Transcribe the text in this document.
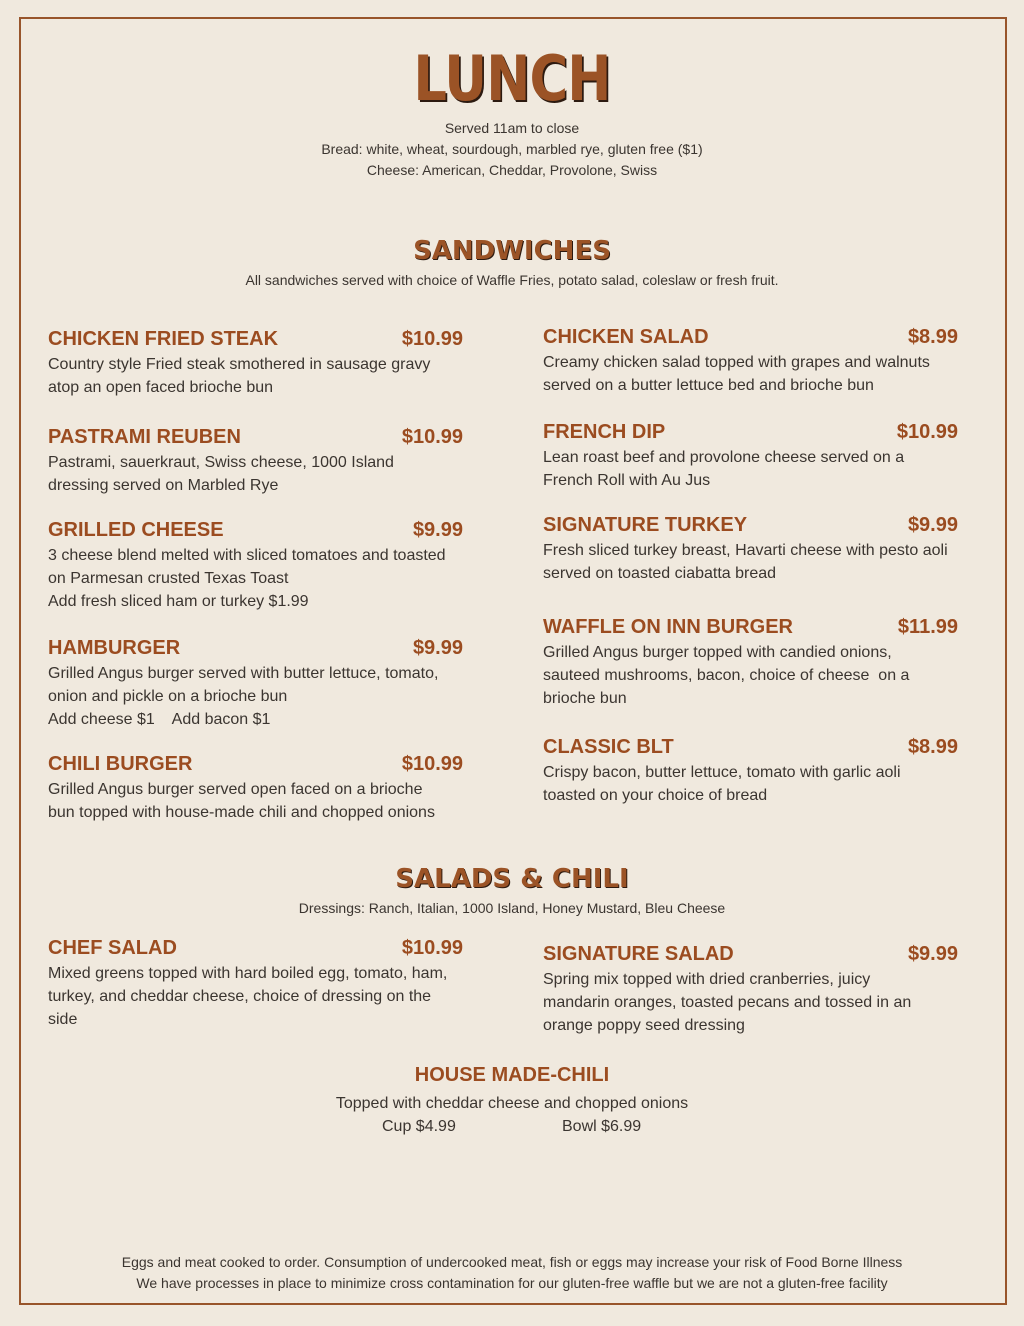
LUNCH
Served 11am to close
Bread: white, wheat, sourdough, marbled rye, gluten free ($1)
Cheese: American, Cheddar, Provolone, Swiss
SANDWICHES
All sandwiches served with choice of Waffle Fries, potato salad, coleslaw or fresh fruit.
CHICKEN FRIED STEAK	$10.99
Country style Fried steak smothered in sausage gravy
atop an open faced brioche bun
PASTRAMI REUBEN	$10.99
Pastrami, sauerkraut, Swiss cheese, 1000 Island
dressing served on Marbled Rye
GRILLED CHEESE	$9.99
3 cheese blend melted with sliced tomatoes and toasted
on Parmesan crusted Texas Toast
Add fresh sliced ham or turkey $1.99
HAMBURGER	$9.99
Grilled Angus burger served with butter lettuce, tomato,
onion and pickle on a brioche bun
Add cheese $1    Add bacon $1
CHILI BURGER	$10.99
Grilled Angus burger served open faced on a brioche
bun topped with house-made chili and chopped onions
CHICKEN SALAD	$8.99
Creamy chicken salad topped with grapes and walnuts
served on a butter lettuce bed and brioche bun
FRENCH DIP	$10.99
Lean roast beef and provolone cheese served on a
French Roll with Au Jus
SIGNATURE TURKEY	$9.99
Fresh sliced turkey breast, Havarti cheese with pesto aoli
served on toasted ciabatta bread
WAFFLE ON INN BURGER	$11.99
Grilled Angus burger topped with candied onions,
sauteed mushrooms, bacon, choice of cheese  on a
brioche bun
CLASSIC BLT	$8.99
Crispy bacon, butter lettuce, tomato with garlic aoli
toasted on your choice of bread
CHEF SALAD	$10.99
Mixed greens topped with hard boiled egg, tomato, ham,
turkey, and cheddar cheese, choice of dressing on the
side
SIGNATURE SALAD	$9.99
Spring mix topped with dried cranberries, juicy
mandarin oranges, toasted pecans and tossed in an
orange poppy seed dressing
SALADS & CHILI
Dressings: Ranch, Italian, 1000 Island, Honey Mustard, Bleu Cheese
HOUSE MADE-CHILI
Topped with cheddar cheese and chopped onions
Cup $4.99	Bowl $6.99
Eggs and meat cooked to order. Consumption of undercooked meat, fish or eggs may increase your risk of Food Borne Illness
We have processes in place to minimize cross contamination for our gluten-free waffle but we are not a gluten-free facility
